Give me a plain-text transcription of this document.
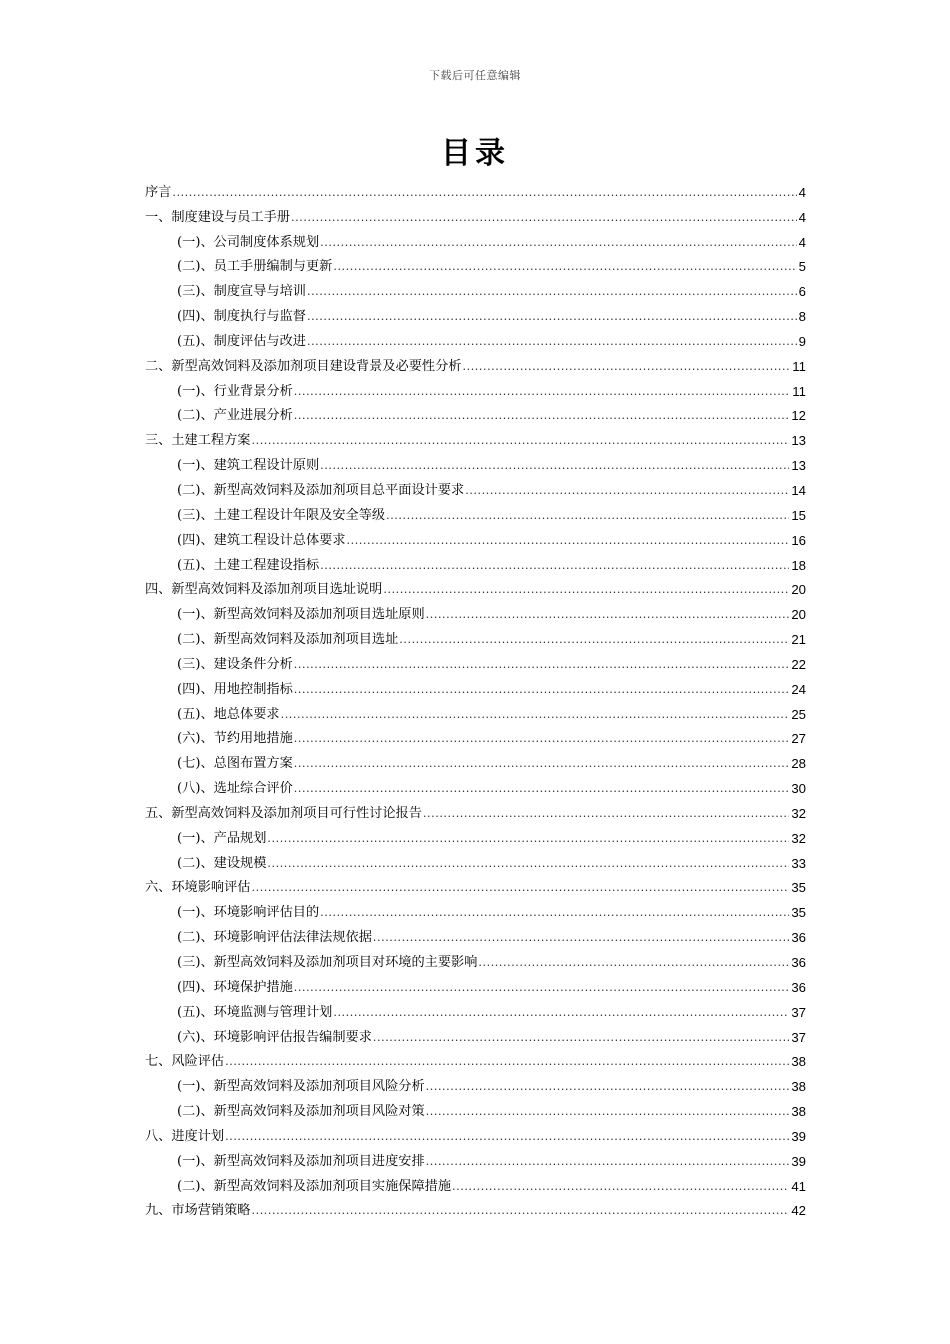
下载后可任意编辑
目录
序言 .....	4
一、制度建设与员工手册 .....	4
(一)、公司制度体系规划 .....	4
(二)、员工手册编制与更新 .....	5
(三)、制度宣导与培训 .....	6
(四)、制度执行与监督 .....	8
(五)、制度评估与改进 .....	9
二、新型高效饲料及添加剂项目建设背景及必要性分析 .....	11
(一)、行业背景分析 .....	11
(二)、产业进展分析 .....	12
三、土建工程方案 .....	13
(一)、建筑工程设计原则 .....	13
(二)、新型高效饲料及添加剂项目总平面设计要求 .....	14
(三)、土建工程设计年限及安全等级 .....	15
(四)、建筑工程设计总体要求 .....	16
(五)、土建工程建设指标 .....	18
四、新型高效饲料及添加剂项目选址说明 .....	20
(一)、新型高效饲料及添加剂项目选址原则 .....	20
(二)、新型高效饲料及添加剂项目选址 .....	21
(三)、建设条件分析 .....	22
(四)、用地控制指标 .....	24
(五)、地总体要求 .....	25
(六)、节约用地措施 .....	27
(七)、总图布置方案 .....	28
(八)、选址综合评价 .....	30
五、新型高效饲料及添加剂项目可行性讨论报告 .....	32
(一)、产品规划 .....	32
(二)、建设规模 .....	33
六、环境影响评估 .....	35
(一)、环境影响评估目的 .....	35
(二)、环境影响评估法律法规依据 .....	36
(三)、新型高效饲料及添加剂项目对环境的主要影响 .....	36
(四)、环境保护措施 .....	36
(五)、环境监测与管理计划 .....	37
(六)、环境影响评估报告编制要求 .....	37
七、风险评估 .....	38
(一)、新型高效饲料及添加剂项目风险分析 .....	38
(二)、新型高效饲料及添加剂项目风险对策 .....	38
八、进度计划 .....	39
(一)、新型高效饲料及添加剂项目进度安排 .....	39
(二)、新型高效饲料及添加剂项目实施保障措施 .....	41
九、市场营销策略 .....	42
